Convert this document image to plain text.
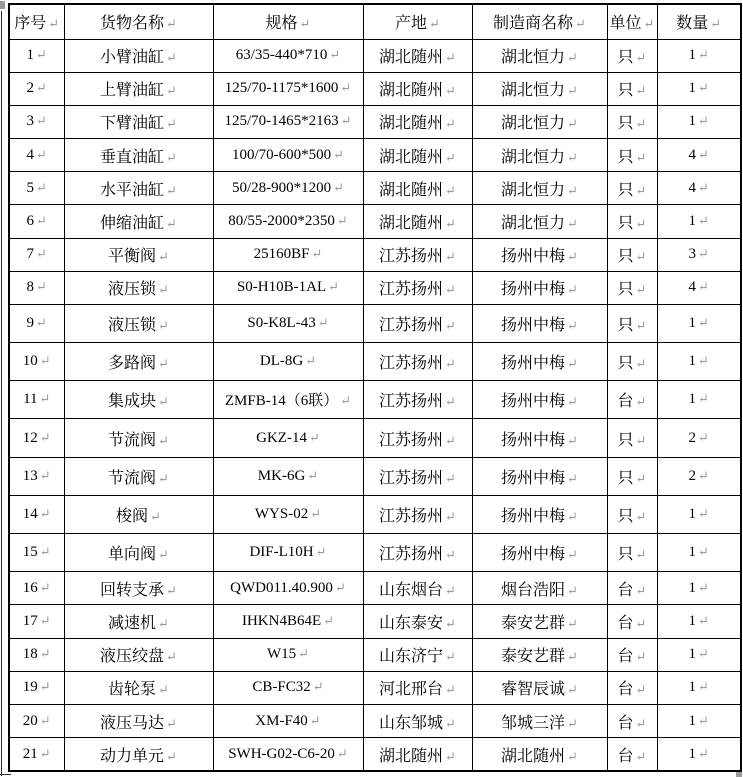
序号 ↵	货物名称 ↵	规格 ↵	产地 ↵	制造商名称 ↵	单位 ↵	数量 ↵
1 ↵	小臂油缸 ↵	63/35-440*710 ↵	湖北随州 ↵	湖北恒力 ↵	只 ↵	1 ↵
2 ↵	上臂油缸 ↵	125/70-1175*1600 ↵	湖北随州 ↵	湖北恒力 ↵	只 ↵	1 ↵
3 ↵	下臂油缸 ↵	125/70-1465*2163 ↵	湖北随州 ↵	湖北恒力 ↵	只 ↵	1 ↵
4 ↵	垂直油缸 ↵	100/70-600*500 ↵	湖北随州 ↵	湖北恒力 ↵	只 ↵	4 ↵
5 ↵	水平油缸 ↵	50/28-900*1200 ↵	湖北随州 ↵	湖北恒力 ↵	只 ↵	4 ↵
6 ↵	伸缩油缸 ↵	80/55-2000*2350 ↵	湖北随州 ↵	湖北恒力 ↵	只 ↵	1 ↵
7 ↵	平衡阀 ↵	25160BF ↵	江苏扬州 ↵	扬州中梅 ↵	只 ↵	3 ↵
8 ↵	液压锁 ↵	S0-H10B-1AL ↵	江苏扬州 ↵	扬州中梅 ↵	只 ↵	4 ↵
9 ↵	液压锁 ↵	S0-K8L-43 ↵	江苏扬州 ↵	扬州中梅 ↵	只 ↵	1 ↵
10 ↵	多路阀 ↵	DL-8G ↵	江苏扬州 ↵	扬州中梅 ↵	只 ↵	1 ↵
11 ↵	集成块 ↵	ZMFB-14（6联） ↵	江苏扬州 ↵	扬州中梅 ↵	台 ↵	1 ↵
12 ↵	节流阀 ↵	GKZ-14 ↵	江苏扬州 ↵	扬州中梅 ↵	只 ↵	2 ↵
13 ↵	节流阀 ↵	MK-6G ↵	江苏扬州 ↵	扬州中梅 ↵	只 ↵	2 ↵
14 ↵	梭阀 ↵	WYS-02 ↵	江苏扬州 ↵	扬州中梅 ↵	只 ↵	1 ↵
15 ↵	单向阀 ↵	DIF-L10H ↵	江苏扬州 ↵	扬州中梅 ↵	只 ↵	1 ↵
16 ↵	回转支承 ↵	QWD011.40.900 ↵	山东烟台 ↵	烟台浩阳 ↵	台 ↵	1 ↵
17 ↵	减速机 ↵	IHKN4B64E ↵	山东泰安 ↵	泰安艺群 ↵	台 ↵	1 ↵
18 ↵	液压绞盘 ↵	W15 ↵	山东济宁 ↵	泰安艺群 ↵	台 ↵	1 ↵
19 ↵	齿轮泵 ↵	CB-FC32 ↵	河北邢台 ↵	睿智辰诚 ↵	台 ↵	1 ↵
20 ↵	液压马达 ↵	XM-F40 ↵	山东邹城 ↵	邹城三洋 ↵	台 ↵	1 ↵
21 ↵	动力单元 ↵	SWH-G02-C6-20 ↵	湖北随州 ↵	湖北随州 ↵	台 ↵	1 ↵
